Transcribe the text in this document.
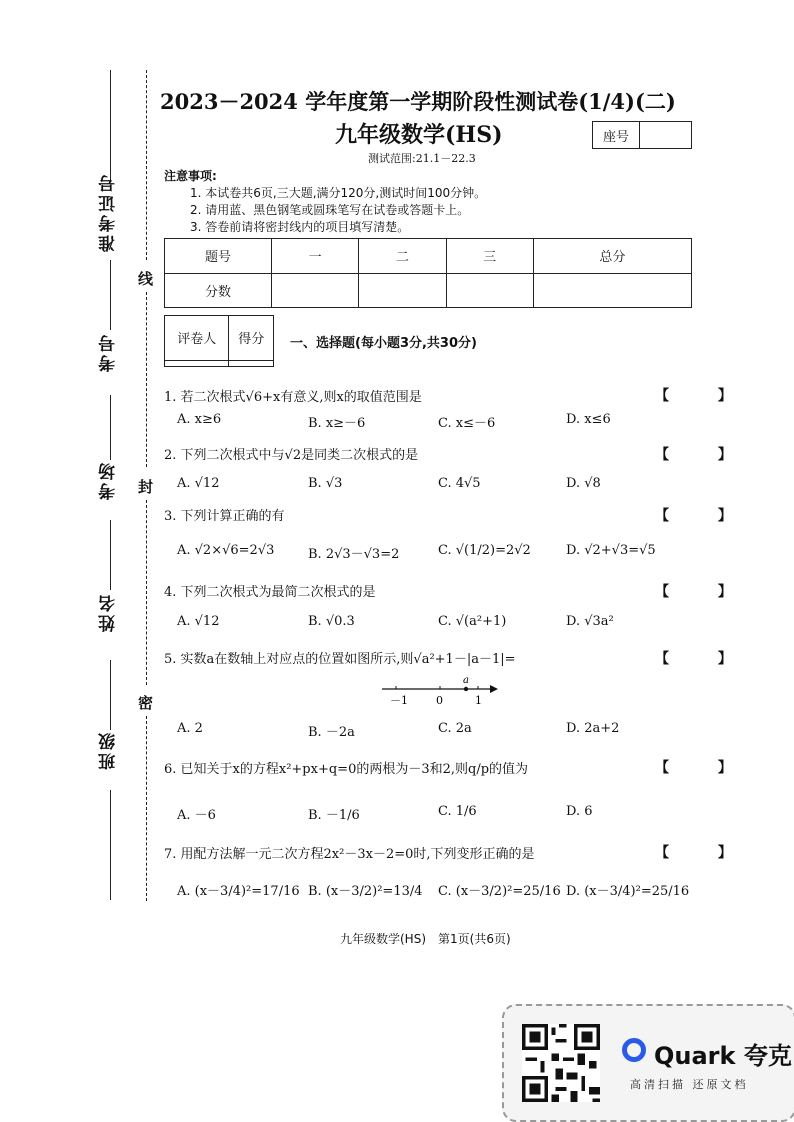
准考证号
考号
考场
姓名
班级
线
封
密
2023－2024 学年度第一学期阶段性测试卷(1/4)(二)
九年级数学(HS)
测试范围:21.1－22.3
座号
注意事项:
1. 本试卷共6页,三大题,满分120分,测试时间100分钟。
2. 请用蓝、黑色钢笔或圆珠笔写在试卷或答题卡上。
3. 答卷前请将密封线内的项目填写清楚。
题号	一	二	三	总分
分数				
评卷人	得分
	一、选择题(每小题3分,共30分)
1. 若二次根式√6+x有意义,则x的取值范围是	【 】
A. x≥6	B. x≥－6	C. x≤－6	D. x≤6
2. 下列二次根式中与√2是同类二次根式的是	【 】
A. √12	B. √3	C. 4√5	D. √8
3. 下列计算正确的有	【 】
A. √2×√6=2√3	B. 2√3－√3=2	C. √(1/2)=2√2	D. √2+√3=√5
4. 下列二次根式为最简二次根式的是	【 】
A. √12	B. √0.3	C. √(a²+1)	D. √3a²
5. 实数a在数轴上对应点的位置如图所示,则√a²+1－|a－1|=	【 】
－1	0
a
1
A. 2	B. －2a	C. 2a	D. 2a+2
6. 已知关于x的方程x²+px+q=0的两根为－3和2,则q/p的值为	【 】
A. －6	B. －1/6	C. 1/6	D. 6
7. 用配方法解一元二次方程2x²－3x－2=0时,下列变形正确的是	【 】
A. (x－3/4)²=17/16 B. (x－3/2)²=13/4 C. (x－3/2)²=25/16 D. (x－3/4)²=25/16
九年级数学(HS)　第1页(共6页)
Quark 夸克
高清扫描 还原文档
